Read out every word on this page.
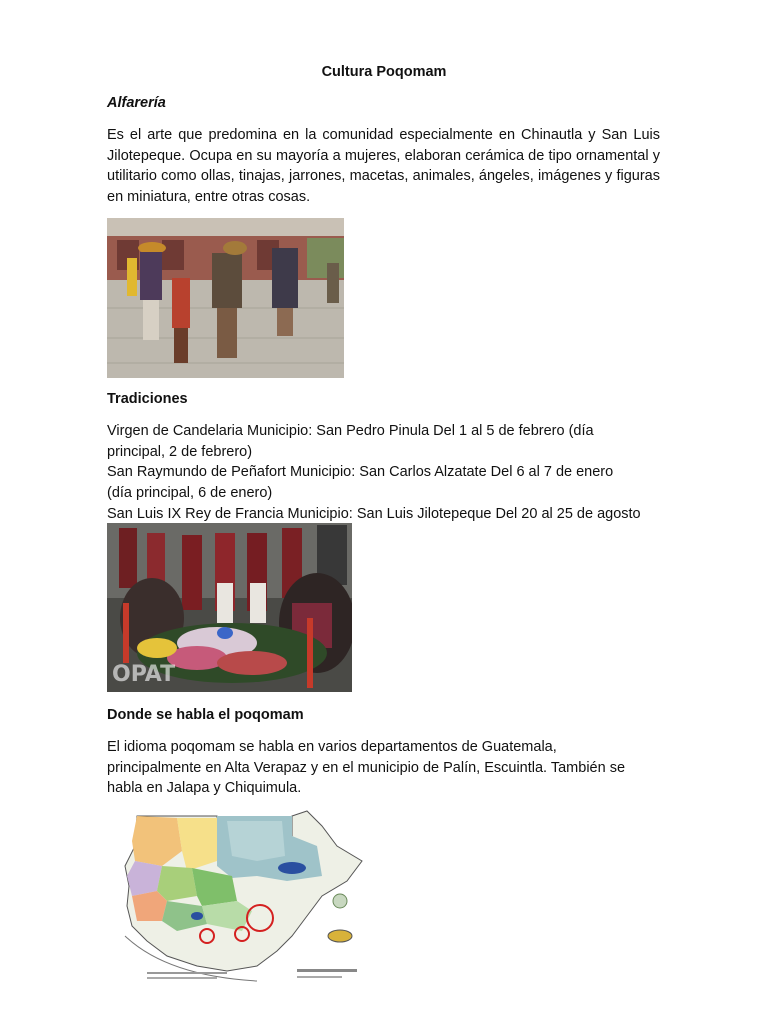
Cultura Poqomam
Alfarería
Es el arte que predomina en la comunidad especialmente en Chinautla y San Luis Jilotepeque. Ocupa en su mayoría a mujeres, elaboran cerámica de tipo ornamental y utilitario como ollas, tinajas, jarrones, macetas, animales, ángeles, imágenes y figuras en miniatura, entre otras cosas.
Tradiciones
Virgen de Candelaria Municipio: San Pedro Pinula Del 1 al 5 de febrero (día
principal, 2 de febrero)
San Raymundo de Peñafort Municipio: San Carlos Alzatate Del 6 al 7 de enero
(día principal, 6 de enero)
San Luis IX Rey de Francia Municipio: San Luis Jilotepeque Del 20 al 25 de agosto
OPAT
Donde se habla el poqomam
El idioma poqomam se habla en varios departamentos de Guatemala,
principalmente en Alta Verapaz y en el municipio de Palín, Escuintla. También se
habla en Jalapa y Chiquimula.
